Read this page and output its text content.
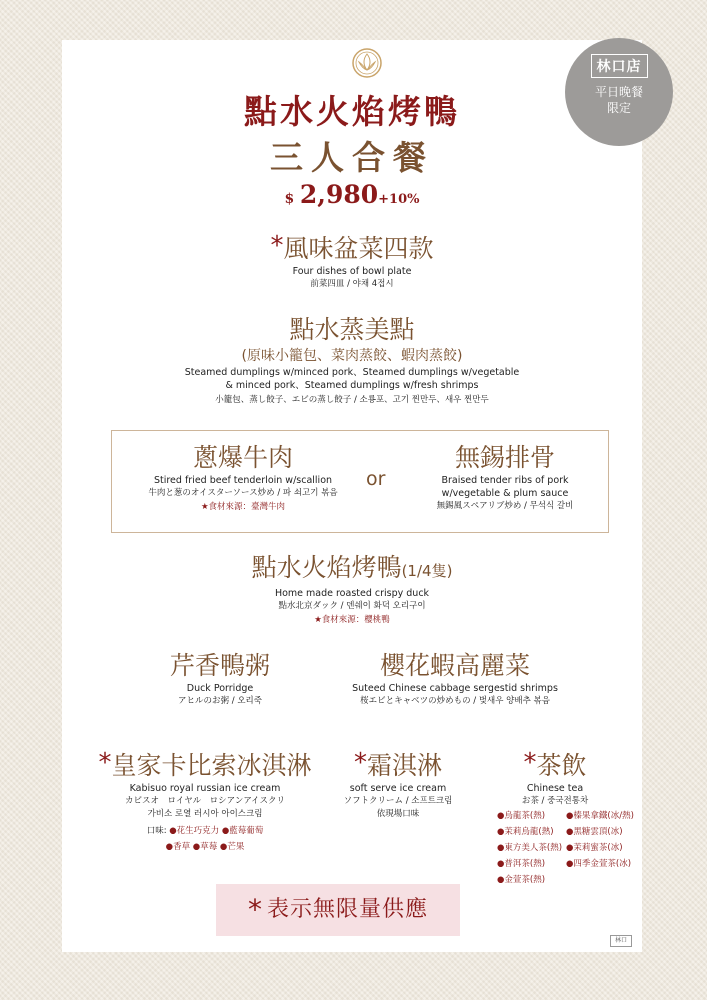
點水火焰烤鴨
三人合餐
$ 2,980+10%
*風味盆菜四款
Four dishes of bowl plate
前菜四皿 / 야채 4접시
點水蒸美點
(原味小籠包、菜肉蒸餃、蝦肉蒸餃)
Steamed dumplings w/minced pork、Steamed dumplings w/vegetable
& minced pork、Steamed dumplings w/fresh shrimps
小籠包、蒸し餃子、エビの蒸し餃子 / 소룡포、고기 찐만두、새우 찐만두
蔥爆牛肉
Stired fried beef tenderloin w/scallion
牛肉と葱のオイスターソース炒め / 파 쇠고기 볶음
★食材來源：臺灣牛肉
or
無錫排骨
Braised tender ribs of pork
w/vegetable & plum sauce
無錫風スペアリブ炒め / 무석식 갈비
點水火焰烤鴨(1/4隻)
Home made roasted crispy duck
點水北京ダック / 덴쉐이 화덕 오리구이
★食材來源：櫻桃鴨
芹香鴨粥
Duck Porridge
アヒルのお粥 / 오리죽
櫻花蝦高麗菜
Suteed Chinese cabbage sergestid shrimps
桜エビとキャベツの炒めもの / 벚새우 양배추 볶음
*皇家卡比索冰淇淋
Kabisuo royal russian ice cream
カビスオ　ロイヤル　ロシアンアイスクリ
가비소 로열 러시아 아이스크림
口味: ●花生巧克力 ●藍莓葡萄
●香草 ●草莓 ●芒果
*霜淇淋
soft serve ice cream
ソフトクリーム / 소프트크림
依現場口味
*茶飲
Chinese tea
お茶 / 중국전통차
●烏龍茶(熱)
●茉莉烏龍(熱)
●東方美人茶(熱)
●普洱茶(熱)
●金萱茶(熱)
●榛果拿鐵(冰/熱)
●黑糖雲頂(冰)
●茉莉蜜茶(冰)
●四季金萱茶(冰)
* 表示無限量供應
林口
林口店
平日晚餐
限定
